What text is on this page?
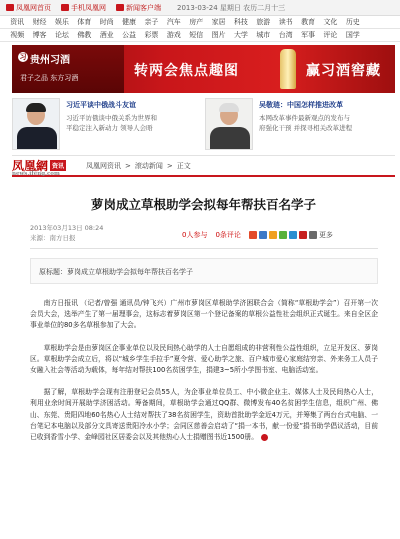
凤凰网首页	手机凤凰网	新闻客户端 2013-03-24 星期日 农历二月十三
资讯	财经	娱乐	体育	时尚	健康	亲子	汽车	房产	家居	科技	旅游	读书	教育	文化	历史
视频	博客	论坛	佛教	酒业	公益	彩票	游戏	短信	图片	大学	城市	台湾	军事	评论	国学
习 贵州习酒
君子之品 东方习酒	转两会焦点趣图	赢习酒窖藏
习近平谈中俄战斗友谊
习近平访俄谈中俄关系为世界和
平稳定注入新动力 领导人会晤
吴敬琏：中国怎样推进改革
本网改革事件最新观点的发布与
府强化干预 并探寻相关改革进程
凤凰網 资讯
news.ifeng.com
凤凰网资讯 > 滚动新闻 > 正文
萝岗成立草根助学会拟每年帮扶百名学子
2013年03月13日 08:24
来源：南方日报	0人参与 0条评论	更多
原标题：萝岗成立草根助学会拟每年帮扶百名学子

南方日报讯 （记者/曾强 通讯员/钟飞兴）广州市萝岗区草根助学济困联合会（简称“草根助学会”）召开第一次会员大会，选举产生了第一届理事会，这标志着萝岗区第一个登记备案的草根公益性社会组织正式诞生。来自全区企事业单位的80多名草根参加了大会。

草根助学会是由萝岗区企事业单位以及民间热心助学的人士自愿组成的非营利性公益性组织，立足开发区、萝岗区。草根助学会成立后，将以“城乡学生手拉手”夏令营、爱心助学之旅、百户城市爱心家庭结穷亲、外来务工人员子女融入社会等活动为载体，每年结对帮扶100名贫困学生，捐建3~5所小学图书室、电脑活动室。

据了解，草根助学会现有注册登记会员55人，为企事业单位员工、中小微企业主、媒体人士及民间热心人士，利用业余时间开展助学济困活动。筹备期间，草根助学会通过QQ群、微博发布40名贫困学生信息，组织广州、佛山、东莞、贵阳四地60名热心人士结对帮扶了38名贫困学生，资助首批助学金近4万元，并筹集了两台台式电脑、一台笔记本电脑以及部分文具寄送贵阳冷水小学；会同区慈善会启动了“捐一本书，献一份爱”捐书助学倡议活动，目前已收到香雪小学、金峰园社区居委会以及其他热心人士捐赠图书近1500册。
